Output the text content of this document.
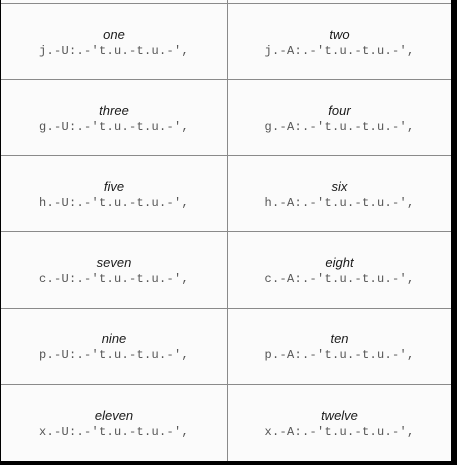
one
j.-U:.-'t.u.-t.u.-',
two
j.-A:.-'t.u.-t.u.-',
three
g.-U:.-'t.u.-t.u.-',
four
g.-A:.-'t.u.-t.u.-',
five
h.-U:.-'t.u.-t.u.-',
six
h.-A:.-'t.u.-t.u.-',
seven
c.-U:.-'t.u.-t.u.-',
eight
c.-A:.-'t.u.-t.u.-',
nine
p.-U:.-'t.u.-t.u.-',
ten
p.-A:.-'t.u.-t.u.-',
eleven
x.-U:.-'t.u.-t.u.-',
twelve
x.-A:.-'t.u.-t.u.-',
